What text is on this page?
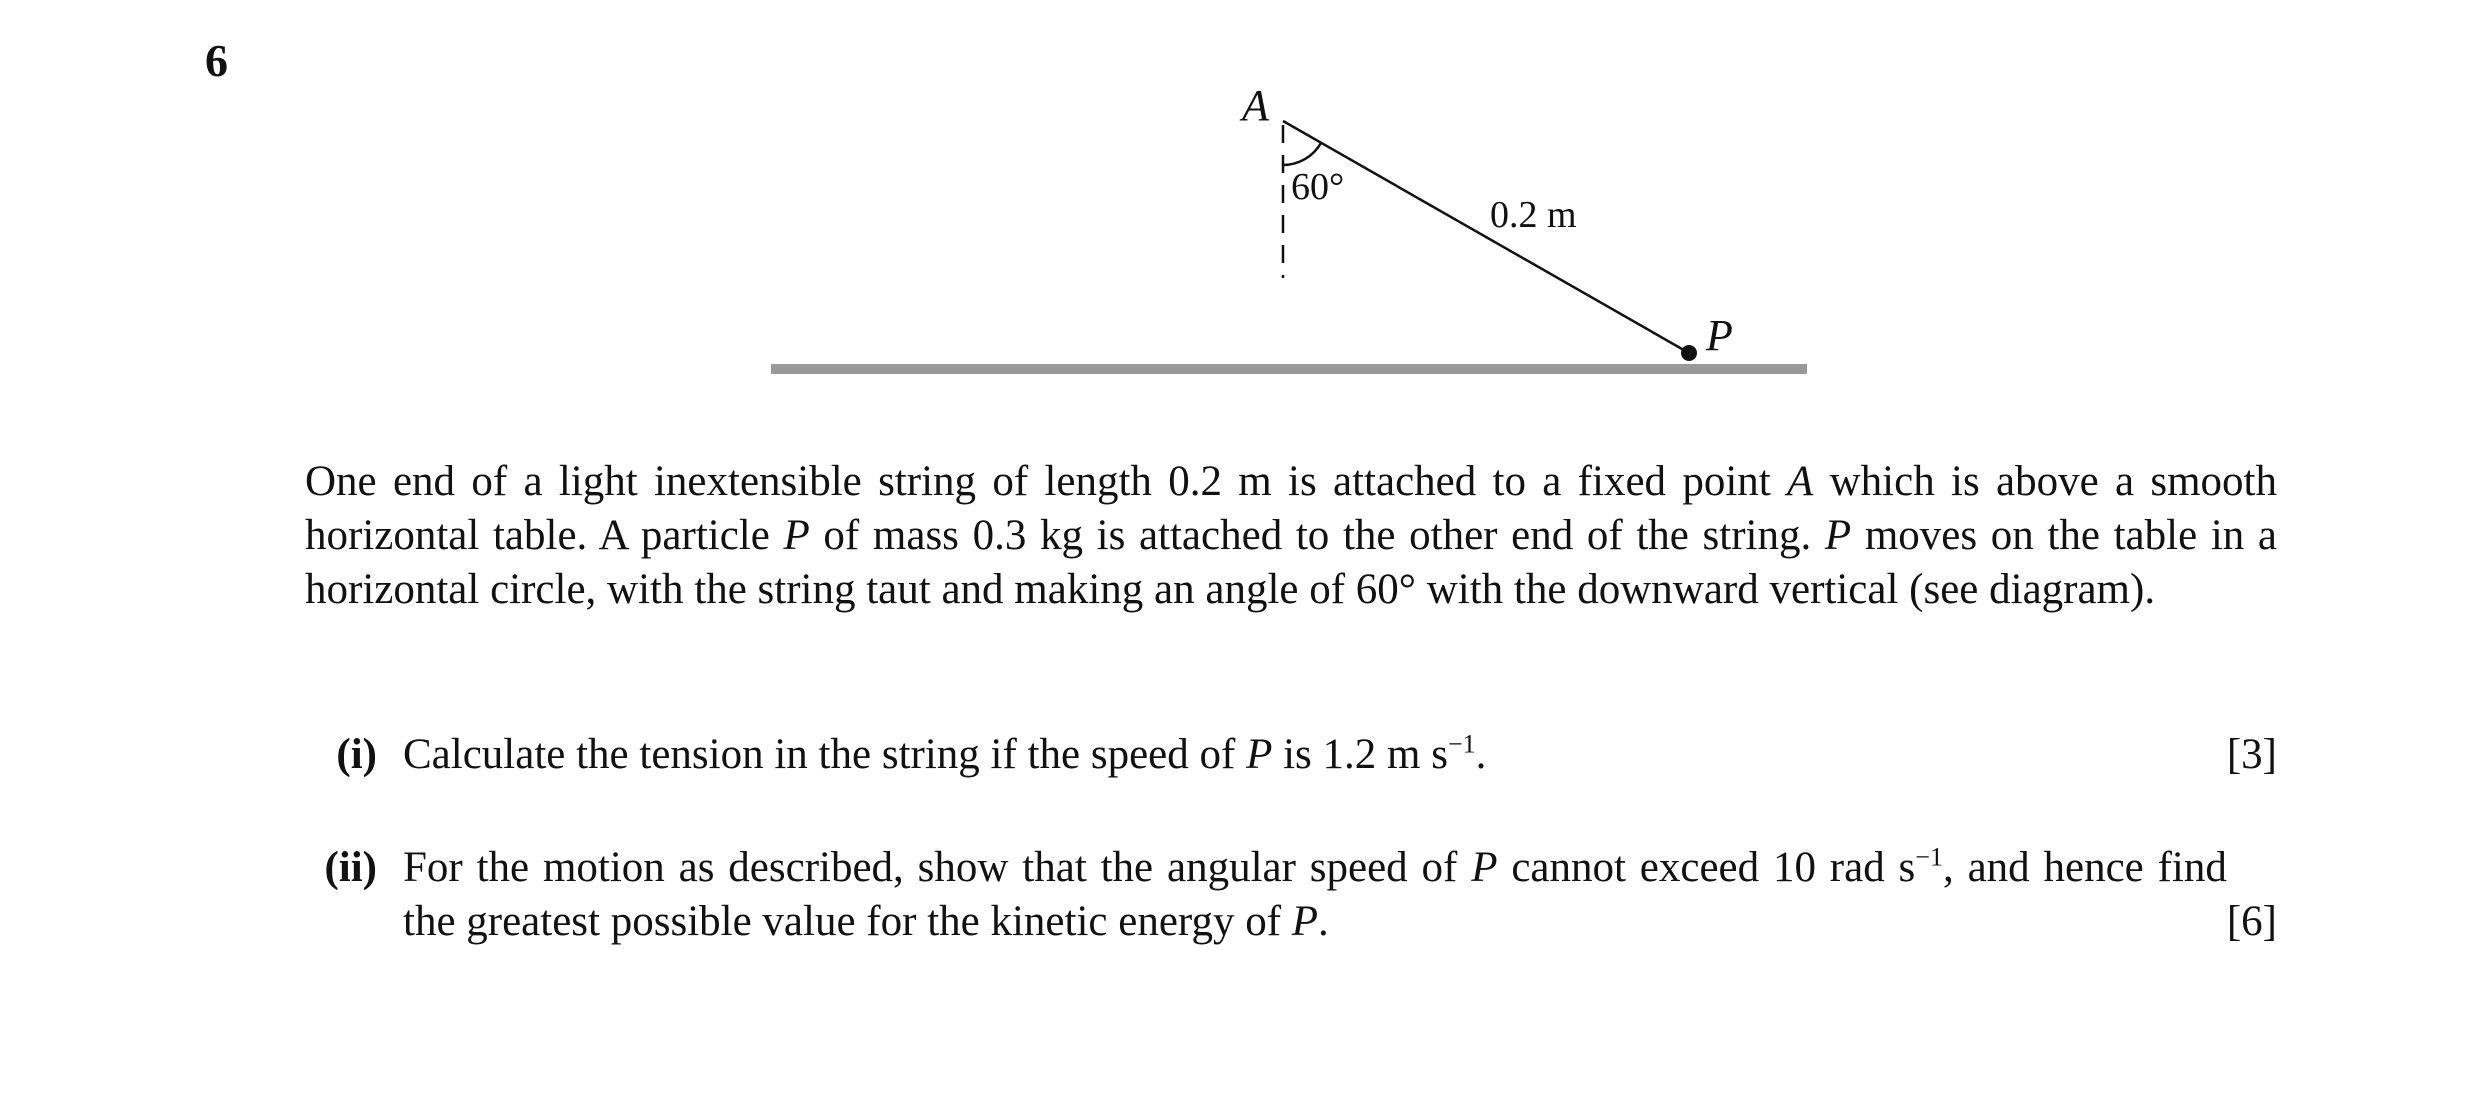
6
A
P
60°
0.2 m
One end of a light inextensible string of length 0.2 m is attached to a fixed point A which is above a smooth horizontal table. A particle P of mass 0.3 kg is attached to the other end of the string. P moves on the table in a horizontal circle, with the string taut and making an angle of 60° with the downward vertical (see diagram).
(i) Calculate the tension in the string if the speed of P is 1.2 m $s^{-1}$.	[3]
(ii) For the motion as described, show that the angular speed of P cannot exceed 10 rad $s^{-1}$, and hence find the greatest possible value for the kinetic energy of P.	[6]
